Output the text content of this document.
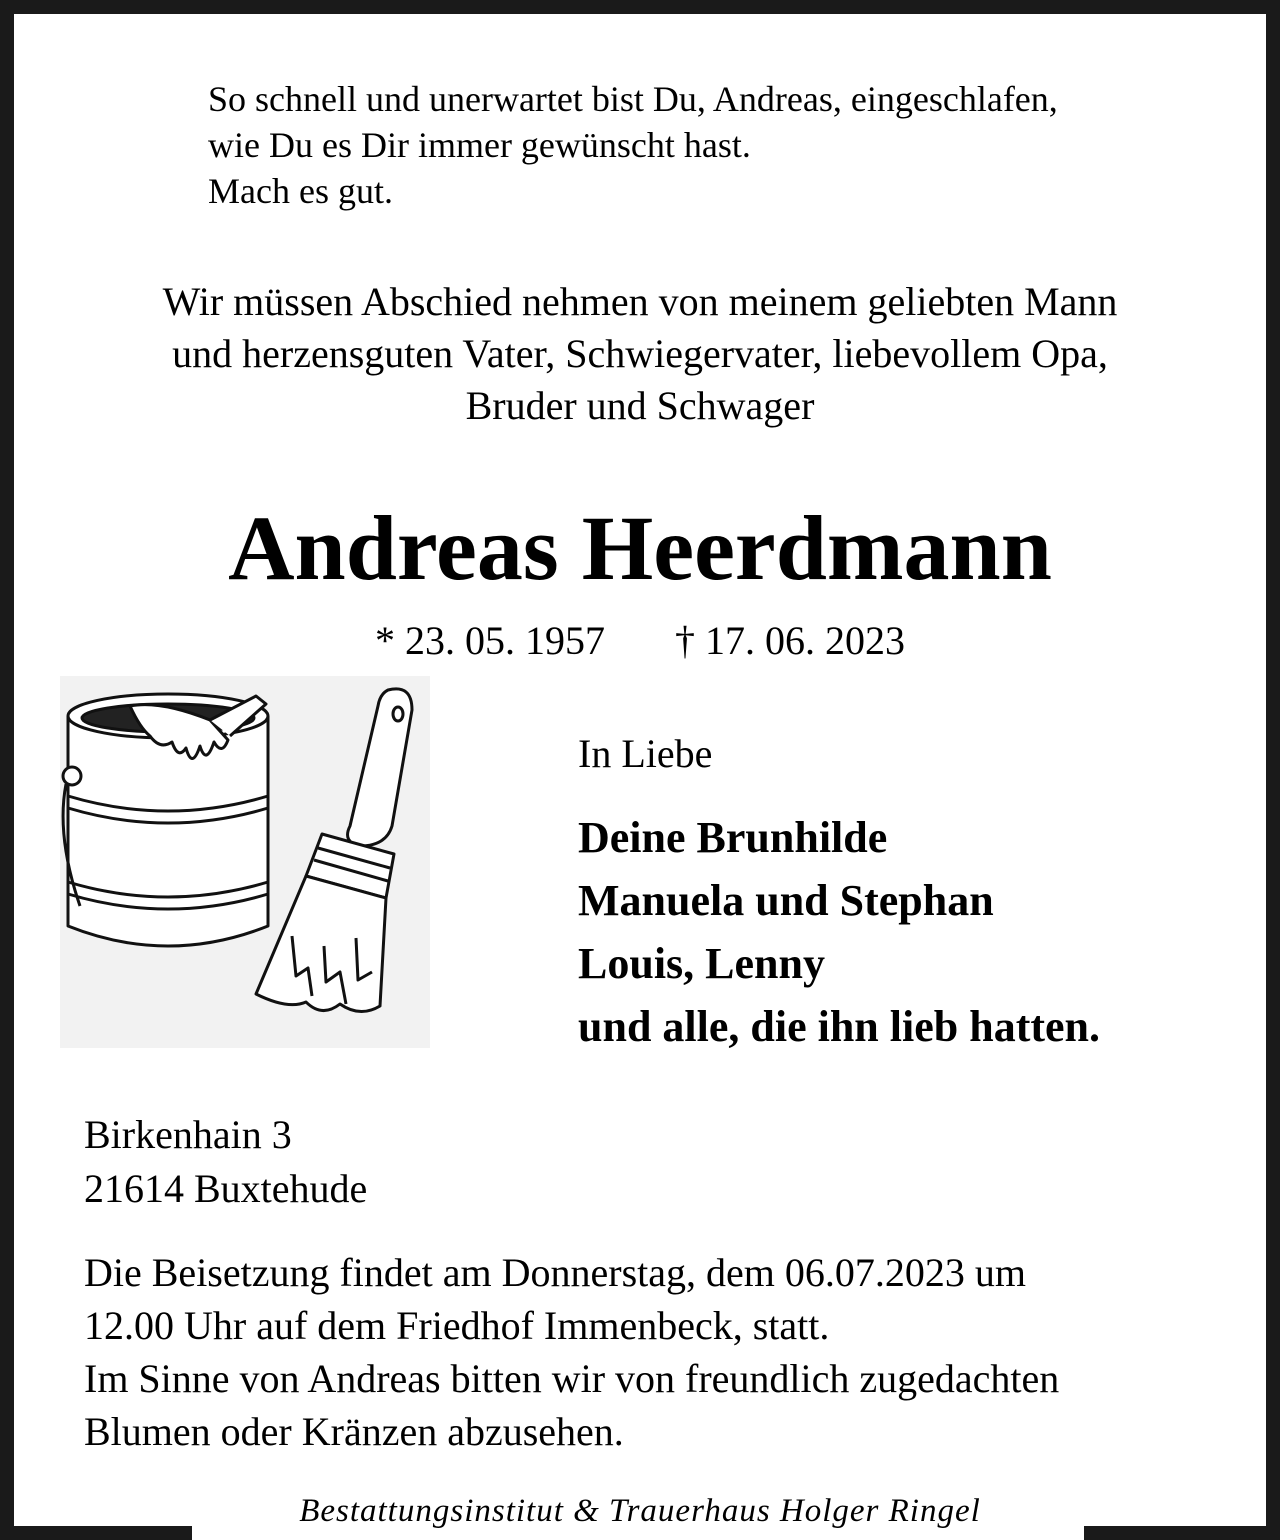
So schnell und unerwartet bist Du, Andreas, eingeschlafen,
wie Du es Dir immer gewünscht hast.
Mach es gut.
Wir müssen Abschied nehmen von meinem geliebten Mann
und herzensguten Vater, Schwiegervater, liebevollem Opa,
Bruder und Schwager
Andreas Heerdmann
* 23. 05. 1957 † 17. 06. 2023
In Liebe
Deine Brunhilde
Manuela und Stephan
Louis, Lenny
und alle, die ihn lieb hatten.
Birkenhain 3
21614 Buxtehude
Die Beisetzung findet am Donnerstag, dem 06.07.2023 um
12.00 Uhr auf dem Friedhof Immenbeck, statt.
Im Sinne von Andreas bitten wir von freundlich zugedachten
Blumen oder Kränzen abzusehen.
Bestattungsinstitut & Trauerhaus Holger Ringel
